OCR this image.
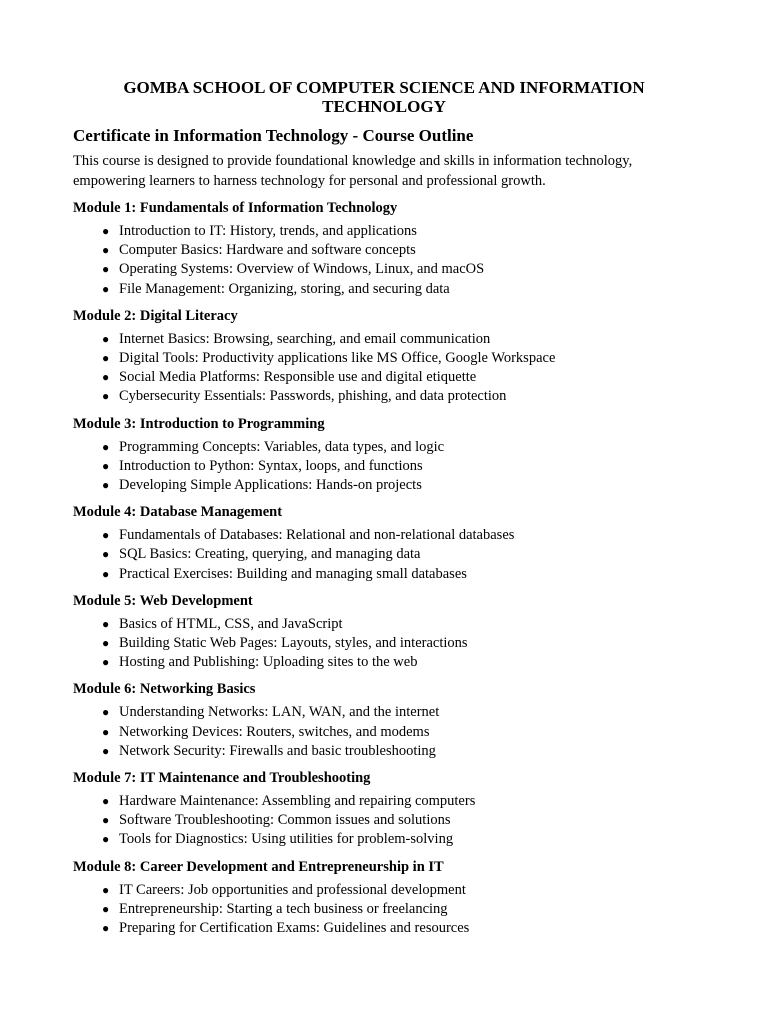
GOMBA SCHOOL OF COMPUTER SCIENCE AND INFORMATION TECHNOLOGY
Certificate in Information Technology - Course Outline
This course is designed to provide foundational knowledge and skills in information technology, empowering learners to harness technology for personal and professional growth.
Module 1: Fundamentals of Information Technology
● Introduction to IT: History, trends, and applications
● Computer Basics: Hardware and software concepts
● Operating Systems: Overview of Windows, Linux, and macOS
● File Management: Organizing, storing, and securing data
Module 2: Digital Literacy
● Internet Basics: Browsing, searching, and email communication
● Digital Tools: Productivity applications like MS Office, Google Workspace
● Social Media Platforms: Responsible use and digital etiquette
● Cybersecurity Essentials: Passwords, phishing, and data protection
Module 3: Introduction to Programming
● Programming Concepts: Variables, data types, and logic
● Introduction to Python: Syntax, loops, and functions
● Developing Simple Applications: Hands-on projects
Module 4: Database Management
● Fundamentals of Databases: Relational and non-relational databases
● SQL Basics: Creating, querying, and managing data
● Practical Exercises: Building and managing small databases
Module 5: Web Development
● Basics of HTML, CSS, and JavaScript
● Building Static Web Pages: Layouts, styles, and interactions
● Hosting and Publishing: Uploading sites to the web
Module 6: Networking Basics
● Understanding Networks: LAN, WAN, and the internet
● Networking Devices: Routers, switches, and modems
● Network Security: Firewalls and basic troubleshooting
Module 7: IT Maintenance and Troubleshooting
● Hardware Maintenance: Assembling and repairing computers
● Software Troubleshooting: Common issues and solutions
● Tools for Diagnostics: Using utilities for problem-solving
Module 8: Career Development and Entrepreneurship in IT
● IT Careers: Job opportunities and professional development
● Entrepreneurship: Starting a tech business or freelancing
● Preparing for Certification Exams: Guidelines and resources
